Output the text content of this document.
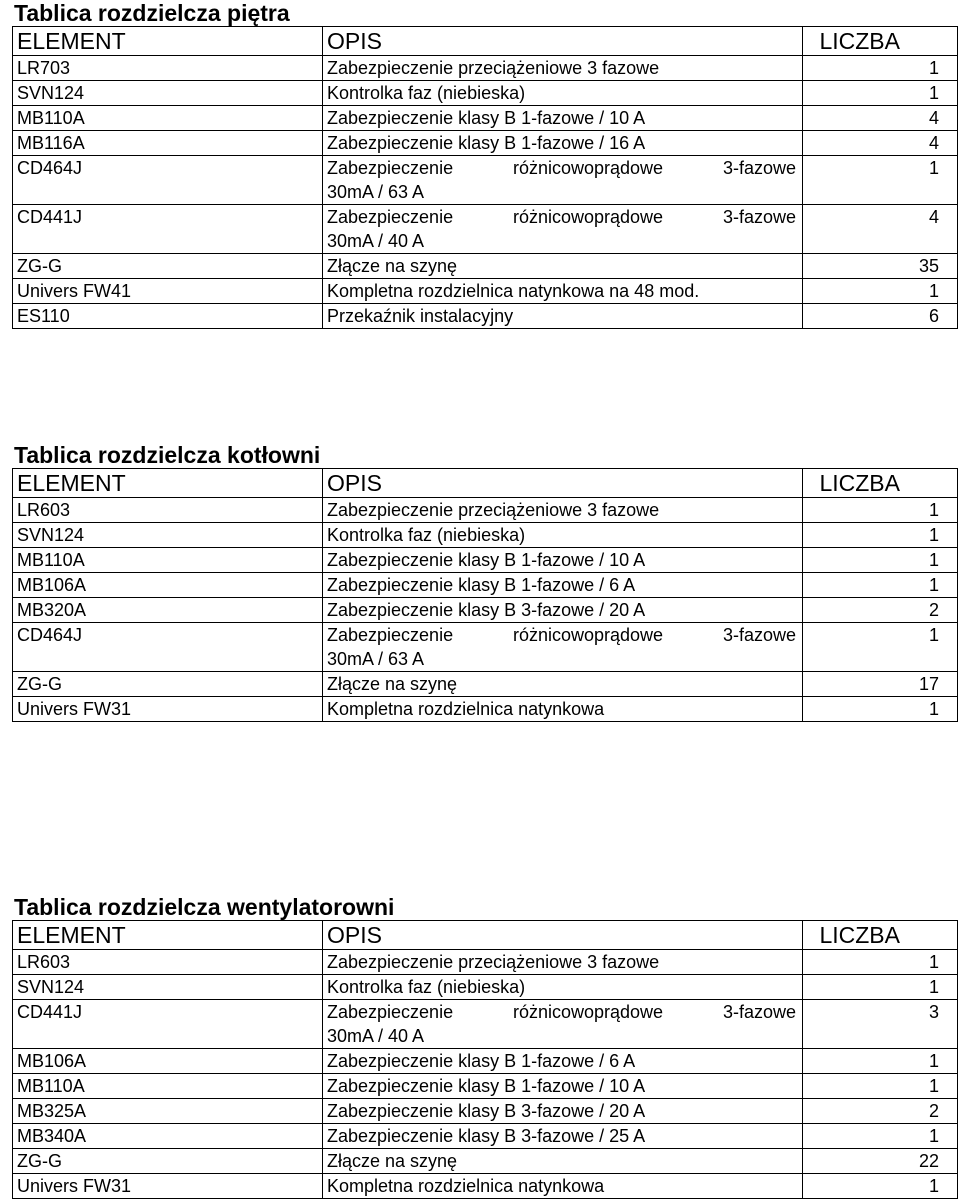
Tablica rozdzielcza piętra
ELEMENT	OPIS	LICZBA
LR703	Zabezpieczenie przeciążeniowe 3 fazowe	1
SVN124	Kontrolka faz (niebieska)	1
MB110A	Zabezpieczenie klasy B 1-fazowe / 10 A	4
MB116A	Zabezpieczenie klasy B 1-fazowe / 16 A	4
CD464J	Zabezpieczenie różnicowoprądowe 3-fazowe
30mA / 63 A	1
CD441J	Zabezpieczenie różnicowoprądowe 3-fazowe
30mA / 40 A	4
ZG-G	Złącze na szynę	35
Univers FW41	Kompletna rozdzielnica natynkowa na 48 mod.	1
ES110	Przekaźnik instalacyjny	6
Tablica rozdzielcza kotłowni
ELEMENT	OPIS	LICZBA
LR603	Zabezpieczenie przeciążeniowe 3 fazowe	1
SVN124	Kontrolka faz (niebieska)	1
MB110A	Zabezpieczenie klasy B 1-fazowe / 10 A	1
MB106A	Zabezpieczenie klasy B 1-fazowe / 6 A	1
MB320A	Zabezpieczenie klasy B 3-fazowe / 20 A	2
CD464J	Zabezpieczenie różnicowoprądowe 3-fazowe
30mA / 63 A	1
ZG-G	Złącze na szynę	17
Univers FW31	Kompletna rozdzielnica natynkowa	1
Tablica rozdzielcza wentylatorowni
ELEMENT	OPIS	LICZBA
LR603	Zabezpieczenie przeciążeniowe 3 fazowe	1
SVN124	Kontrolka faz (niebieska)	1
CD441J	Zabezpieczenie różnicowoprądowe 3-fazowe
30mA / 40 A	3
MB106A	Zabezpieczenie klasy B 1-fazowe / 6 A	1
MB110A	Zabezpieczenie klasy B 1-fazowe / 10 A	1
MB325A	Zabezpieczenie klasy B 3-fazowe / 20 A	2
MB340A	Zabezpieczenie klasy B 3-fazowe / 25 A	1
ZG-G	Złącze na szynę	22
Univers FW31	Kompletna rozdzielnica natynkowa	1
